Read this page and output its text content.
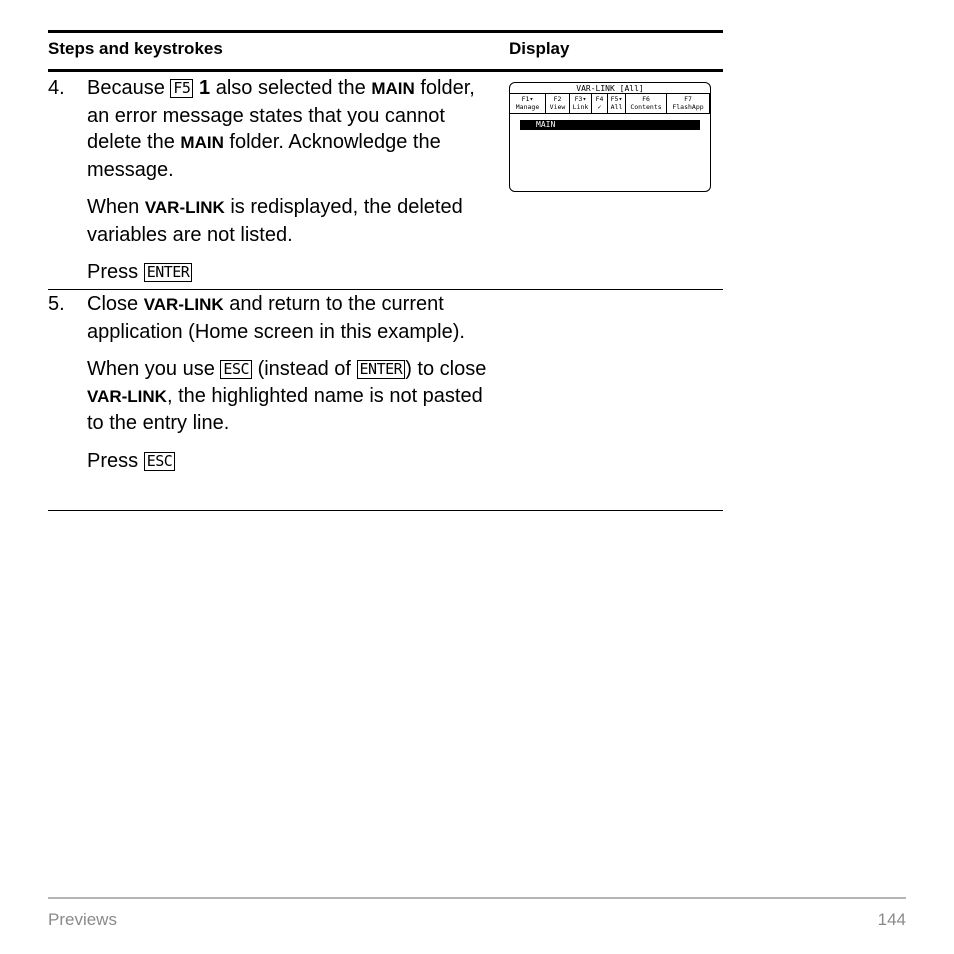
Steps and keystrokes	Display
4. Because F5 1 also selected the MAIN folder, an error message states that you cannot delete the MAIN folder. Acknowledge the message.

When VAR-LINK is redisplayed, the deleted variables are not listed.

Press ENTER

VAR-LINK [All]
F1▾
Manage
F2
View
F3▾
Link
F4
✓
F5▾
All
F6
Contents
F7
FlashApp
MAIN
5. Close VAR-LINK and return to the current application (Home screen in this example).

When you use ESC (instead of ENTER ) to close VAR-LINK, the highlighted name is not pasted to the entry line.

Press ESC

Previews	144
